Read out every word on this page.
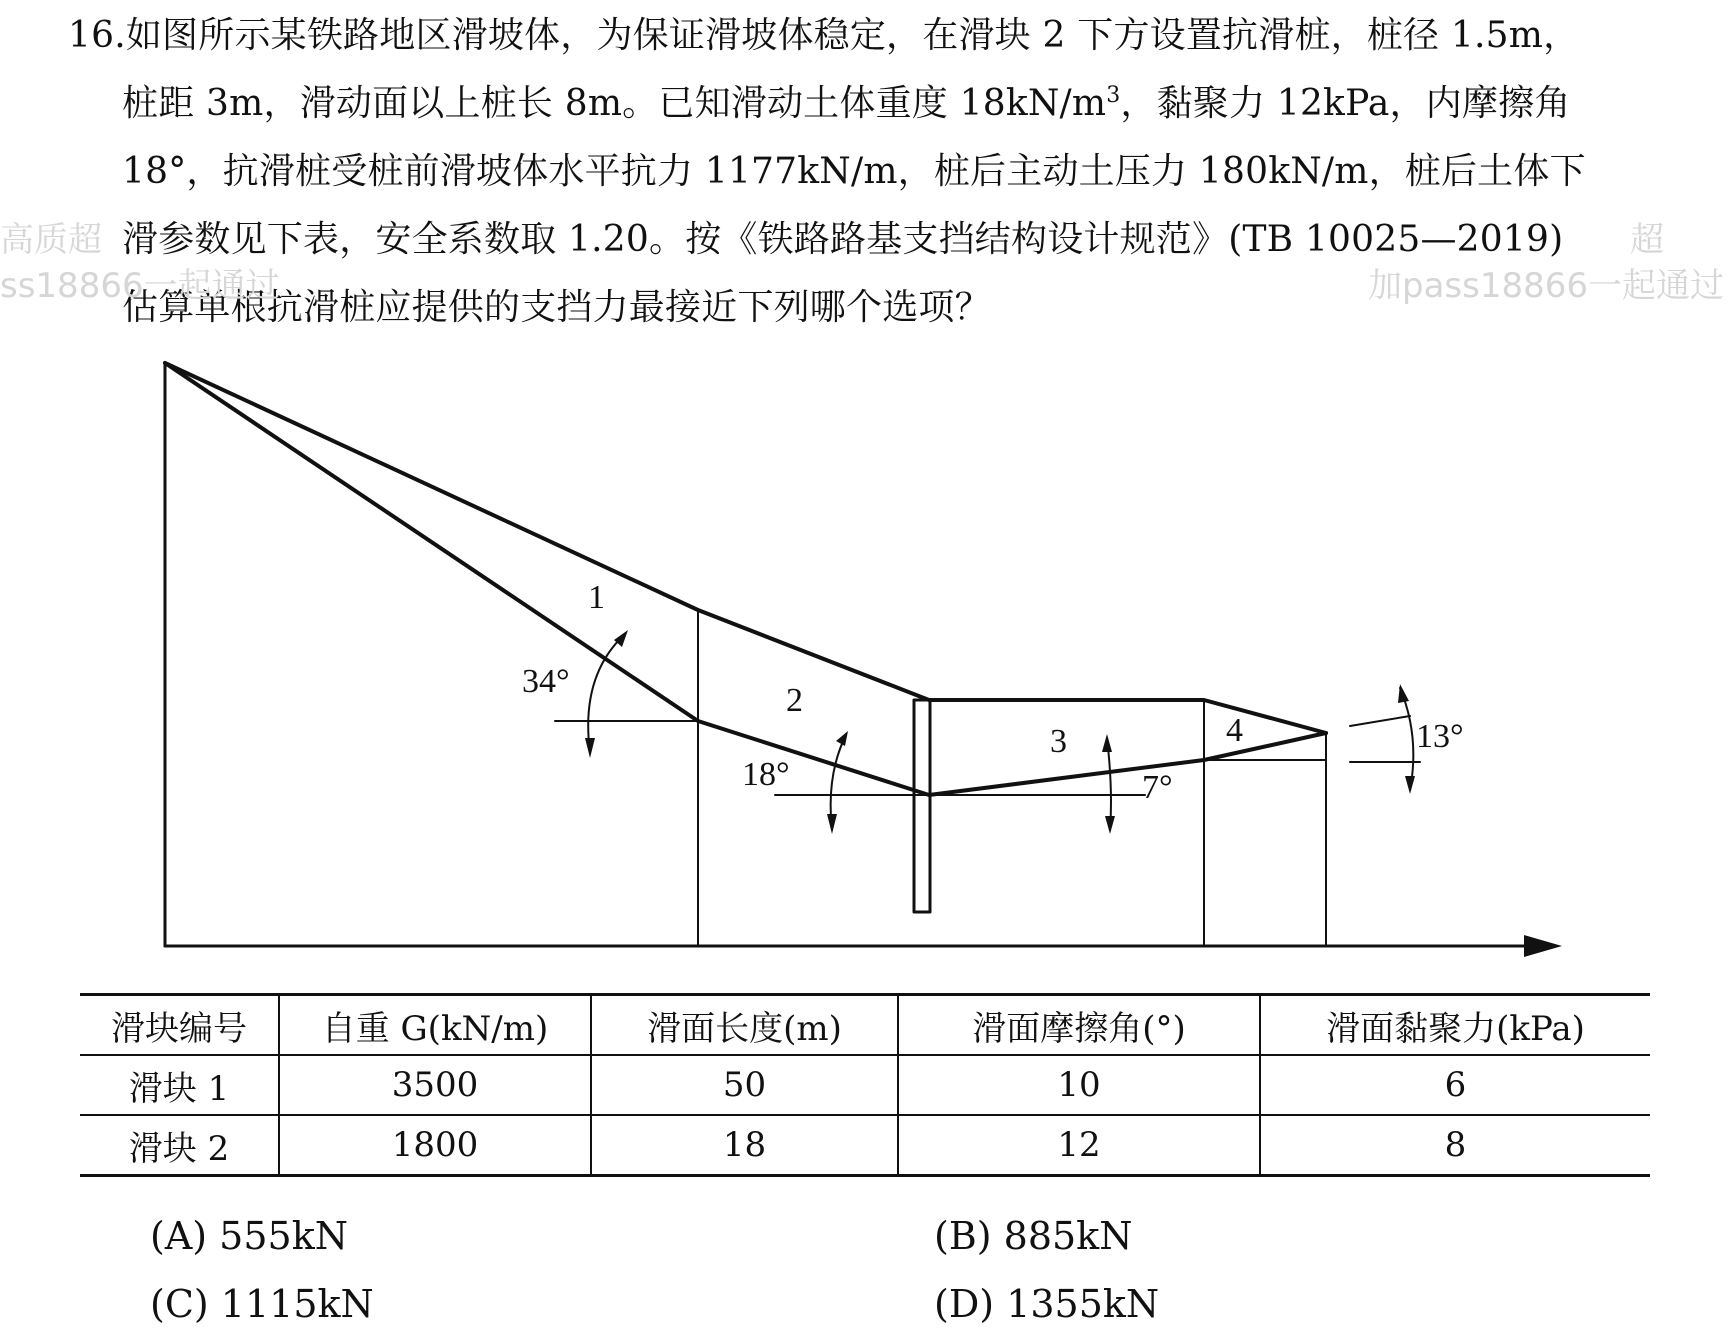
16.如图所示某铁路地区滑坡体，为保证滑坡体稳定，在滑块 2 下方设置抗滑桩，桩径 1.5m，
桩距 3m，滑动面以上桩长 8m。已知滑动土体重度 $18kN/m^3$，黏聚力 12kPa，内摩擦角
18°，抗滑桩受桩前滑坡体水平抗力 1177kN/m，桩后主动土压力 180kN/m，桩后土体下
滑参数见下表，安全系数取 1.20。按《铁路路基支挡结构设计规范》(TB 10025—2019)
估算单根抗滑桩应提供的支挡力最接近下列哪个选项？
高质超
ss18866一起通过
超
加pass18866一起通过
1
2
3	4
34°
18°	7°
13°
滑块编号	自重 G(kN/m)	滑面长度(m)	滑面摩擦角(°)	滑面黏聚力(kPa)
滑块 1	3500	50	10	6
滑块 2	1800	18	12	8
(A) 555kN	(B) 885kN
(C) 1115kN	(D) 1355kN
